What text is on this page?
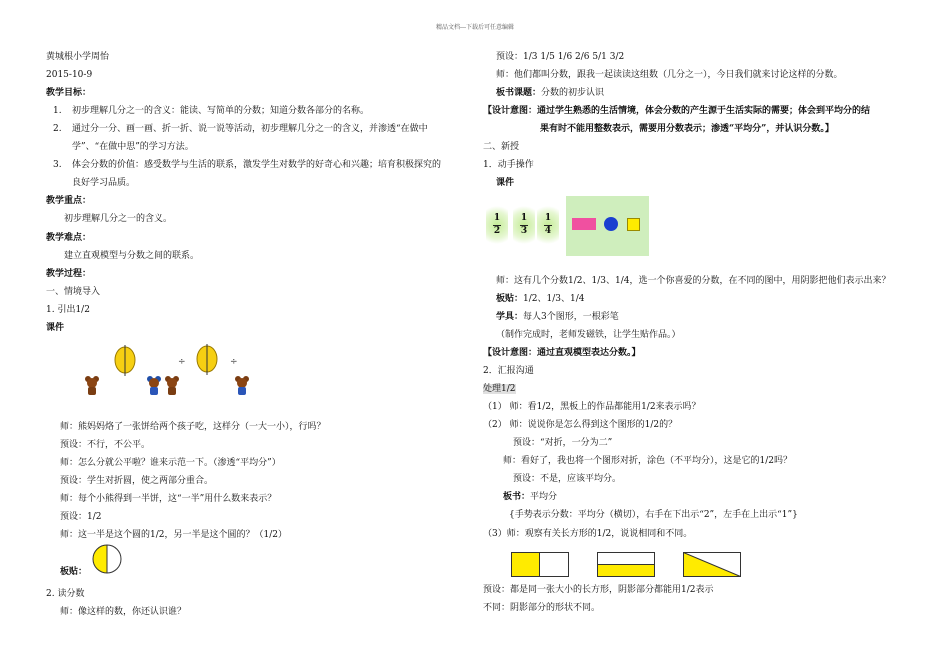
精品文档---下载后可任意编辑
黄城根小学周怡
2015-10-9
教学目标：
1. 初步理解几分之一的含义：能读、写简单的分数；知道分数各部分的名称。
2. 通过分一分、画一画、折一折、说一说等活动，初步理解几分之一的含义，并渗透“在做中
学”、“在做中思”的学习方法。
3. 体会分数的价值：感受数学与生活的联系，激发学生对数学的好奇心和兴趣；培育积极探究的
良好学习品质。
教学重点：
初步理解几分之一的含义。
教学难点：
建立直观模型与分数之间的联系。
教学过程：
一、情境导入
1. 引出1/2
课件
÷	÷
师：熊妈妈烙了一张饼给两个孩子吃，这样分（一大一小），行吗？
预设：不行，不公平。
师：怎么分就公平啦？谁来示范一下。（渗透“平均分”）
预设：学生对折圆，使之两部分重合。
师：每个小熊得到一半饼，这“一半”用什么数来表示？
预设：1/2
师：这一半是这个圆的1/2，另一半是这个圆的？（1/2）
板贴：
2. 读分数
师：像这样的数，你还认识谁？
预设：1/3 1/5 1/6 2/6 5/1 3/2
师：他们都叫分数，跟我一起读读这组数（几分之一），今日我们就来讨论这样的分数。
板书课题：分数的初步认识
【设计意图：通过学生熟悉的生活情境，体会分数的产生源于生活实际的需要；体会到平均分的结
果有时不能用整数表示，需要用分数表示；渗透“平均分”，并认识分数。】
二、新授
1．动手操作
课件
1
2
1
3
1
4
师：这有几个分数1/2、1/3、1/4，选一个你喜爱的分数，在不同的图中，用阴影把他们表示出来？
板贴：1/2、1/3、1/4
学具：每人3个图形，一根彩笔
（制作完成时，老师发磁铁，让学生贴作品。）
【设计意图：通过直观模型表达分数。】
2．汇报沟通
处理1/2
（1） 师：看1/2，黑板上的作品都能用1/2来表示吗？
（2） 师：说说你是怎么得到这个图形的1/2的？
预设：“对折，一分为二”
师：看好了，我也将一个图形对折，涂色（不平均分），这是它的1/2吗？
预设：不是，应该平均分。
板书：平均分
{手势表示分数：平均分（横切），右手在下出示“2”，左手在上出示“1”}
（3）师：观察有关长方形的1/2，说说相同和不同。
预设：都是同一张大小的长方形，阴影部分都能用1/2表示
不同：阴影部分的形状不同。
